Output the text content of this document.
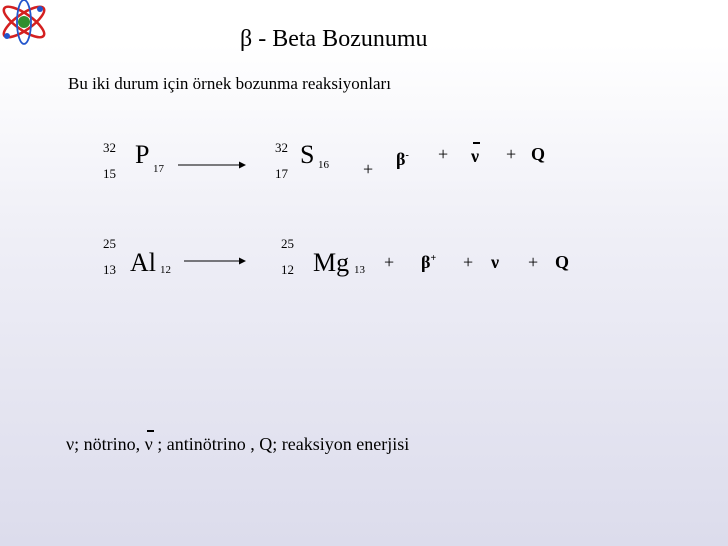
β - Beta Bozunumu
Bu iki durum için örnek bozunma reaksiyonları
32
15
P 17
32
17
S 16 + β- + ν + Q
25
13 Al 12
25
12 Mg 13 + β+ + ν + Q
ν; nötrino, ν ; antinötrino , Q; reaksiyon enerjisi
